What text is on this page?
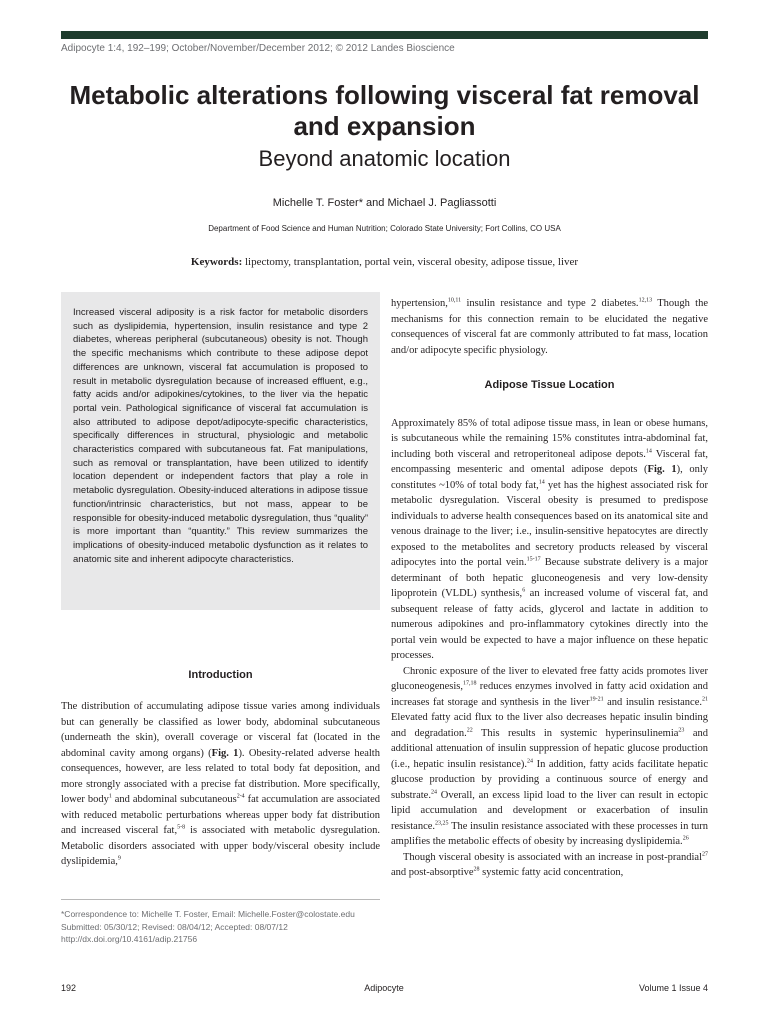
Adipocyte 1:4, 192–199; October/November/December 2012; © 2012 Landes Bioscience
Metabolic alterations following visceral fat removal and expansion
Beyond anatomic location
Michelle T. Foster* and Michael J. Pagliassotti
Department of Food Science and Human Nutrition; Colorado State University; Fort Collins, CO USA
Keywords: lipectomy, transplantation, portal vein, visceral obesity, adipose tissue, liver
Increased visceral adiposity is a risk factor for metabolic disorders such as dyslipidemia, hypertension, insulin resistance and type 2 diabetes, whereas peripheral (subcutaneous) obesity is not. Though the specific mechanisms which contribute to these adipose depot differences are unknown, visceral fat accumulation is proposed to result in metabolic dysregulation because of increased effluent, e.g., fatty acids and/or adipokines/cytokines, to the liver via the hepatic portal vein. Pathological significance of visceral fat accumulation is also attributed to adipose depot/adipocyte-specific characteristics, specifically differences in structural, physiologic and metabolic characteristics compared with subcutaneous fat. Fat manipulations, such as removal or transplantation, have been utilized to identify location dependent or independent factors that play a role in metabolic dysregulation. Obesity-induced alterations in adipose tissue function/intrinsic characteristics, but not mass, appear to be responsible for obesity-induced metabolic dysregulation, thus “quality” is more important than “quantity.” This review summarizes the implications of obesity-induced metabolic dysfunction as it relates to anatomic site and inherent adipocyte characteristics.
Introduction

The distribution of accumulating adipose tissue varies among individuals but can generally be classified as lower body, abdominal subcutaneous (underneath the skin), overall coverage or visceral fat (located in the abdominal cavity among organs) (Fig. 1). Obesity-related adverse health consequences, however, are less related to total body fat deposition, and more strongly associated with a precise fat distribution. More specifically, lower body$^1$ and abdominal subcutaneous$^{2-4}$ fat accumulation are associated with reduced metabolic perturbations whereas upper body fat distribution and increased visceral fat,$^{5-8}$ is associated with metabolic dysregulation. Metabolic disorders associated with upper body/visceral obesity include dyslipidemia,$^9$

*Correspondence to: Michelle T. Foster, Email: Michelle.Foster@colostate.edu
Submitted: 05/30/12; Revised: 08/04/12; Accepted: 08/07/12
http://dx.doi.org/10.4161/adip.21756

hypertension,$^{10,11}$ insulin resistance and type 2 diabetes.$^{12,13}$ Though the mechanisms for this connection remain to be elucidated the negative consequences of visceral fat are commonly attributed to fat mass, location and/or adipocyte specific physiology.

Adipose Tissue Location

Approximately 85% of total adipose tissue mass, in lean or obese humans, is subcutaneous while the remaining 15% constitutes intra-abdominal fat, including both visceral and retroperitoneal adipose depots.$^{14}$ Visceral fat, encompassing mesenteric and omental adipose depots (Fig. 1), only constitutes ~10% of total body fat,$^{14}$ yet has the highest associated risk for metabolic dysregulation. Visceral obesity is presumed to predispose individuals to adverse health consequences based on its anatomical site and venous drainage to the liver; i.e., insulin-sensitive hepatocytes are directly exposed to the metabolites and secretory products released by visceral adipocytes into the portal vein.$^{15-17}$ Because substrate delivery is a major determinant of both hepatic gluconeogenesis and very low-density lipoprotein (VLDL) synthesis,$^6$ an increased volume of visceral fat, and subsequent release of fatty acids, glycerol and lactate in addition to numerous adipokines and pro-inflammatory cytokines directly into the portal vein would be expected to have a major influence on these hepatic processes.

Chronic exposure of the liver to elevated free fatty acids promotes liver gluconeogenesis,$^{17,18}$ reduces enzymes involved in fatty acid oxidation and increases fat storage and synthesis in the liver$^{19-21}$ and insulin resistance.$^{21}$ Elevated fatty acid flux to the liver also decreases hepatic insulin binding and degradation.$^{22}$ This results in systemic hyperinsulinemia$^{23}$ and additional attenuation of insulin suppression of hepatic glucose production (i.e., hepatic insulin resistance).$^{24}$ In addition, fatty acids facilitate hepatic glucose production by providing a continuous source of energy and substrate.$^{24}$ Overall, an excess lipid load to the liver can result in ectopic lipid accumulation and development or exacerbation of insulin resistance.$^{23,25}$ The insulin resistance associated with these processes in turn amplifies the metabolic effects of obesity by increasing dyslipidemia.$^{26}$

Though visceral obesity is associated with an increase in post-prandial$^{27}$ and post-absorptive$^{28}$ systemic fatty acid concentration,

192	Adipocyte	Volume 1 Issue 4
